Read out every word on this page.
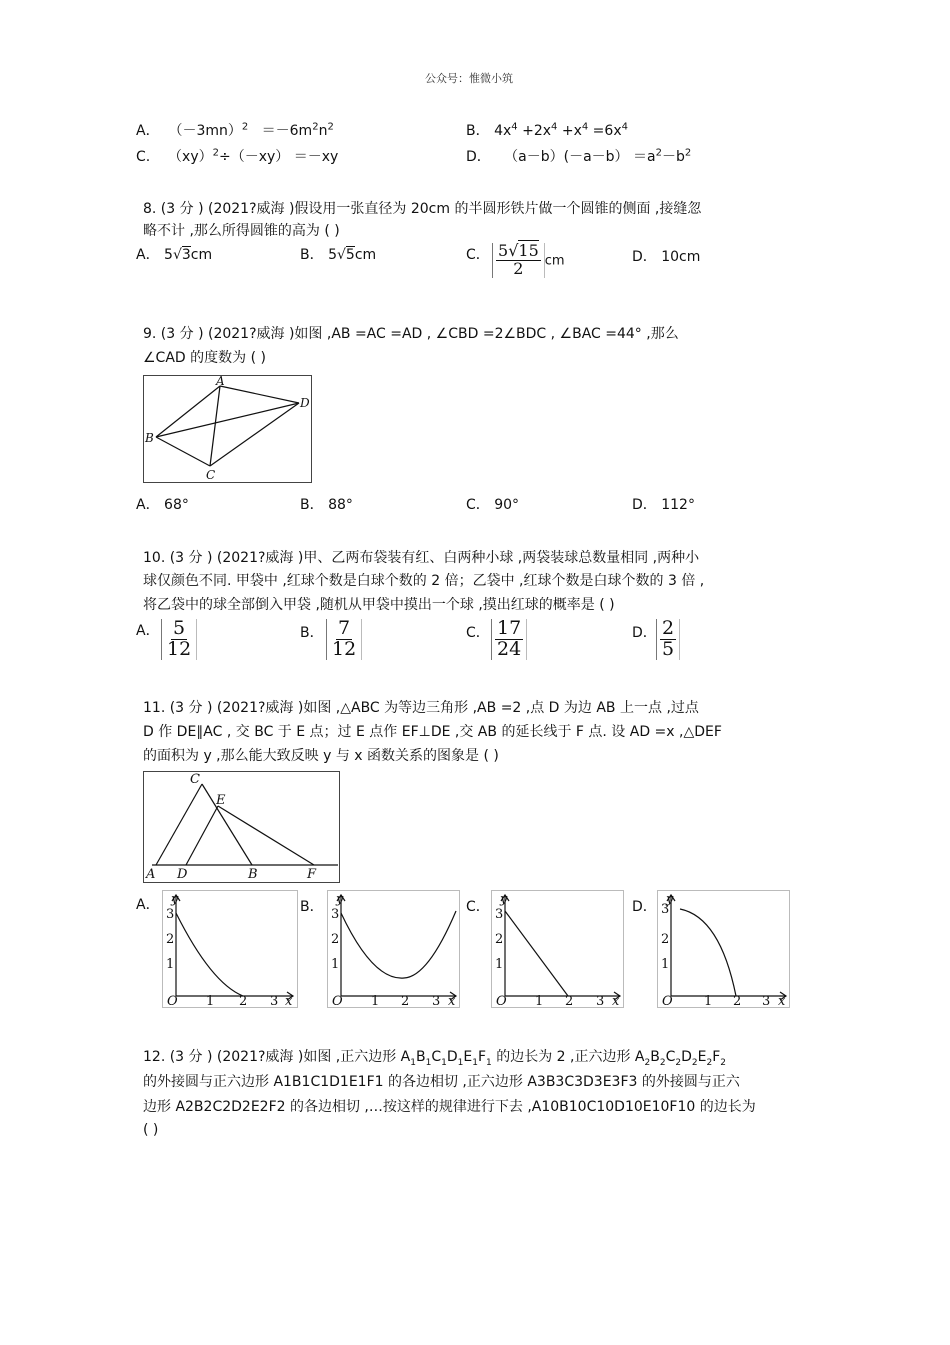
公众号：惟微小筑
A． $(-3mn)^2 =-6m^2n^2$	B． $4x^4 +2x^4 +x^4 =6x^4$
C. （xy）$^2$÷（－xy） ＝－xy	D． $(a-b)(-a-b) =a^2-b^2$
8. (3 分 ) (2021?威海 )假设用一张直径为 20cm 的半圆形铁片做一个圆锥的侧面 ,接缝忽
略不计 ,那么所得圆锥的高为 ( )
A． 5√3cm	B． 5√5cm	C． $\frac{5√15}{2}$ cm	D． 10cm
9. (3 分 ) (2021?威海 )如图 ,AB =AC =AD , ∠CBD =2∠BDC , ∠BAC =44° ,那么
∠CAD 的度数为 ( )
A
B
C
D
A． 68°	B． 88°	C． 90°	D． 112°
10. (3 分 ) (2021?威海 )甲、乙两布袋装有红、白两种小球 ,两袋装球总数量相同 ,两种小
球仅颜色不同. 甲袋中 ,红球个数是白球个数的 2 倍；乙袋中 ,红球个数是白球个数的 3 倍 ,
将乙袋中的球全部倒入甲袋 ,随机从甲袋中摸出一个球 ,摸出红球的概率是 ( )
A． $\frac{5}{12}$	B． $\frac{7}{12}$	C． $\frac{17}{24}$	D． $\frac{2}{5}$
11. (3 分 ) (2021?威海 )如图 ,△ABC 为等边三角形 ,AB =2 ,点 D 为边 AB 上一点 ,过点
D 作 DE∥AC , 交 BC 于 E 点；过 E 点作 EF⊥DE ,交 AB 的延长线于 F 点. 设 AD =x ,△DEF
的面积为 y ,那么能大致反映 y 与 x 函数关系的图象是 ( )
A
C
D
E
B	F
A． y
3
2
1
O 1 2 3 x
B． y
3
2
1
O 1 2 3 x
C． y
3
2
1
O 1 2 3 x
D． y
3
2
1
O 1 2 3 x
12. (3 分 ) (2021?威海 )如图 ,正六边形 $A_1B_1C_1D_1E_1F_1$ 的边长为 2 ,正六边形 $A_2B_2C_2D_2E_2F_2$
的外接圆与正六边形 A1B1C1D1E1F1 的各边相切 ,正六边形 A3B3C3D3E3F3 的外接圆与正六
边形 A2B2C2D2E2F2 的各边相切 ,…按这样的规律进行下去 ,A10B10C10D10E10F10 的边长为
( )
